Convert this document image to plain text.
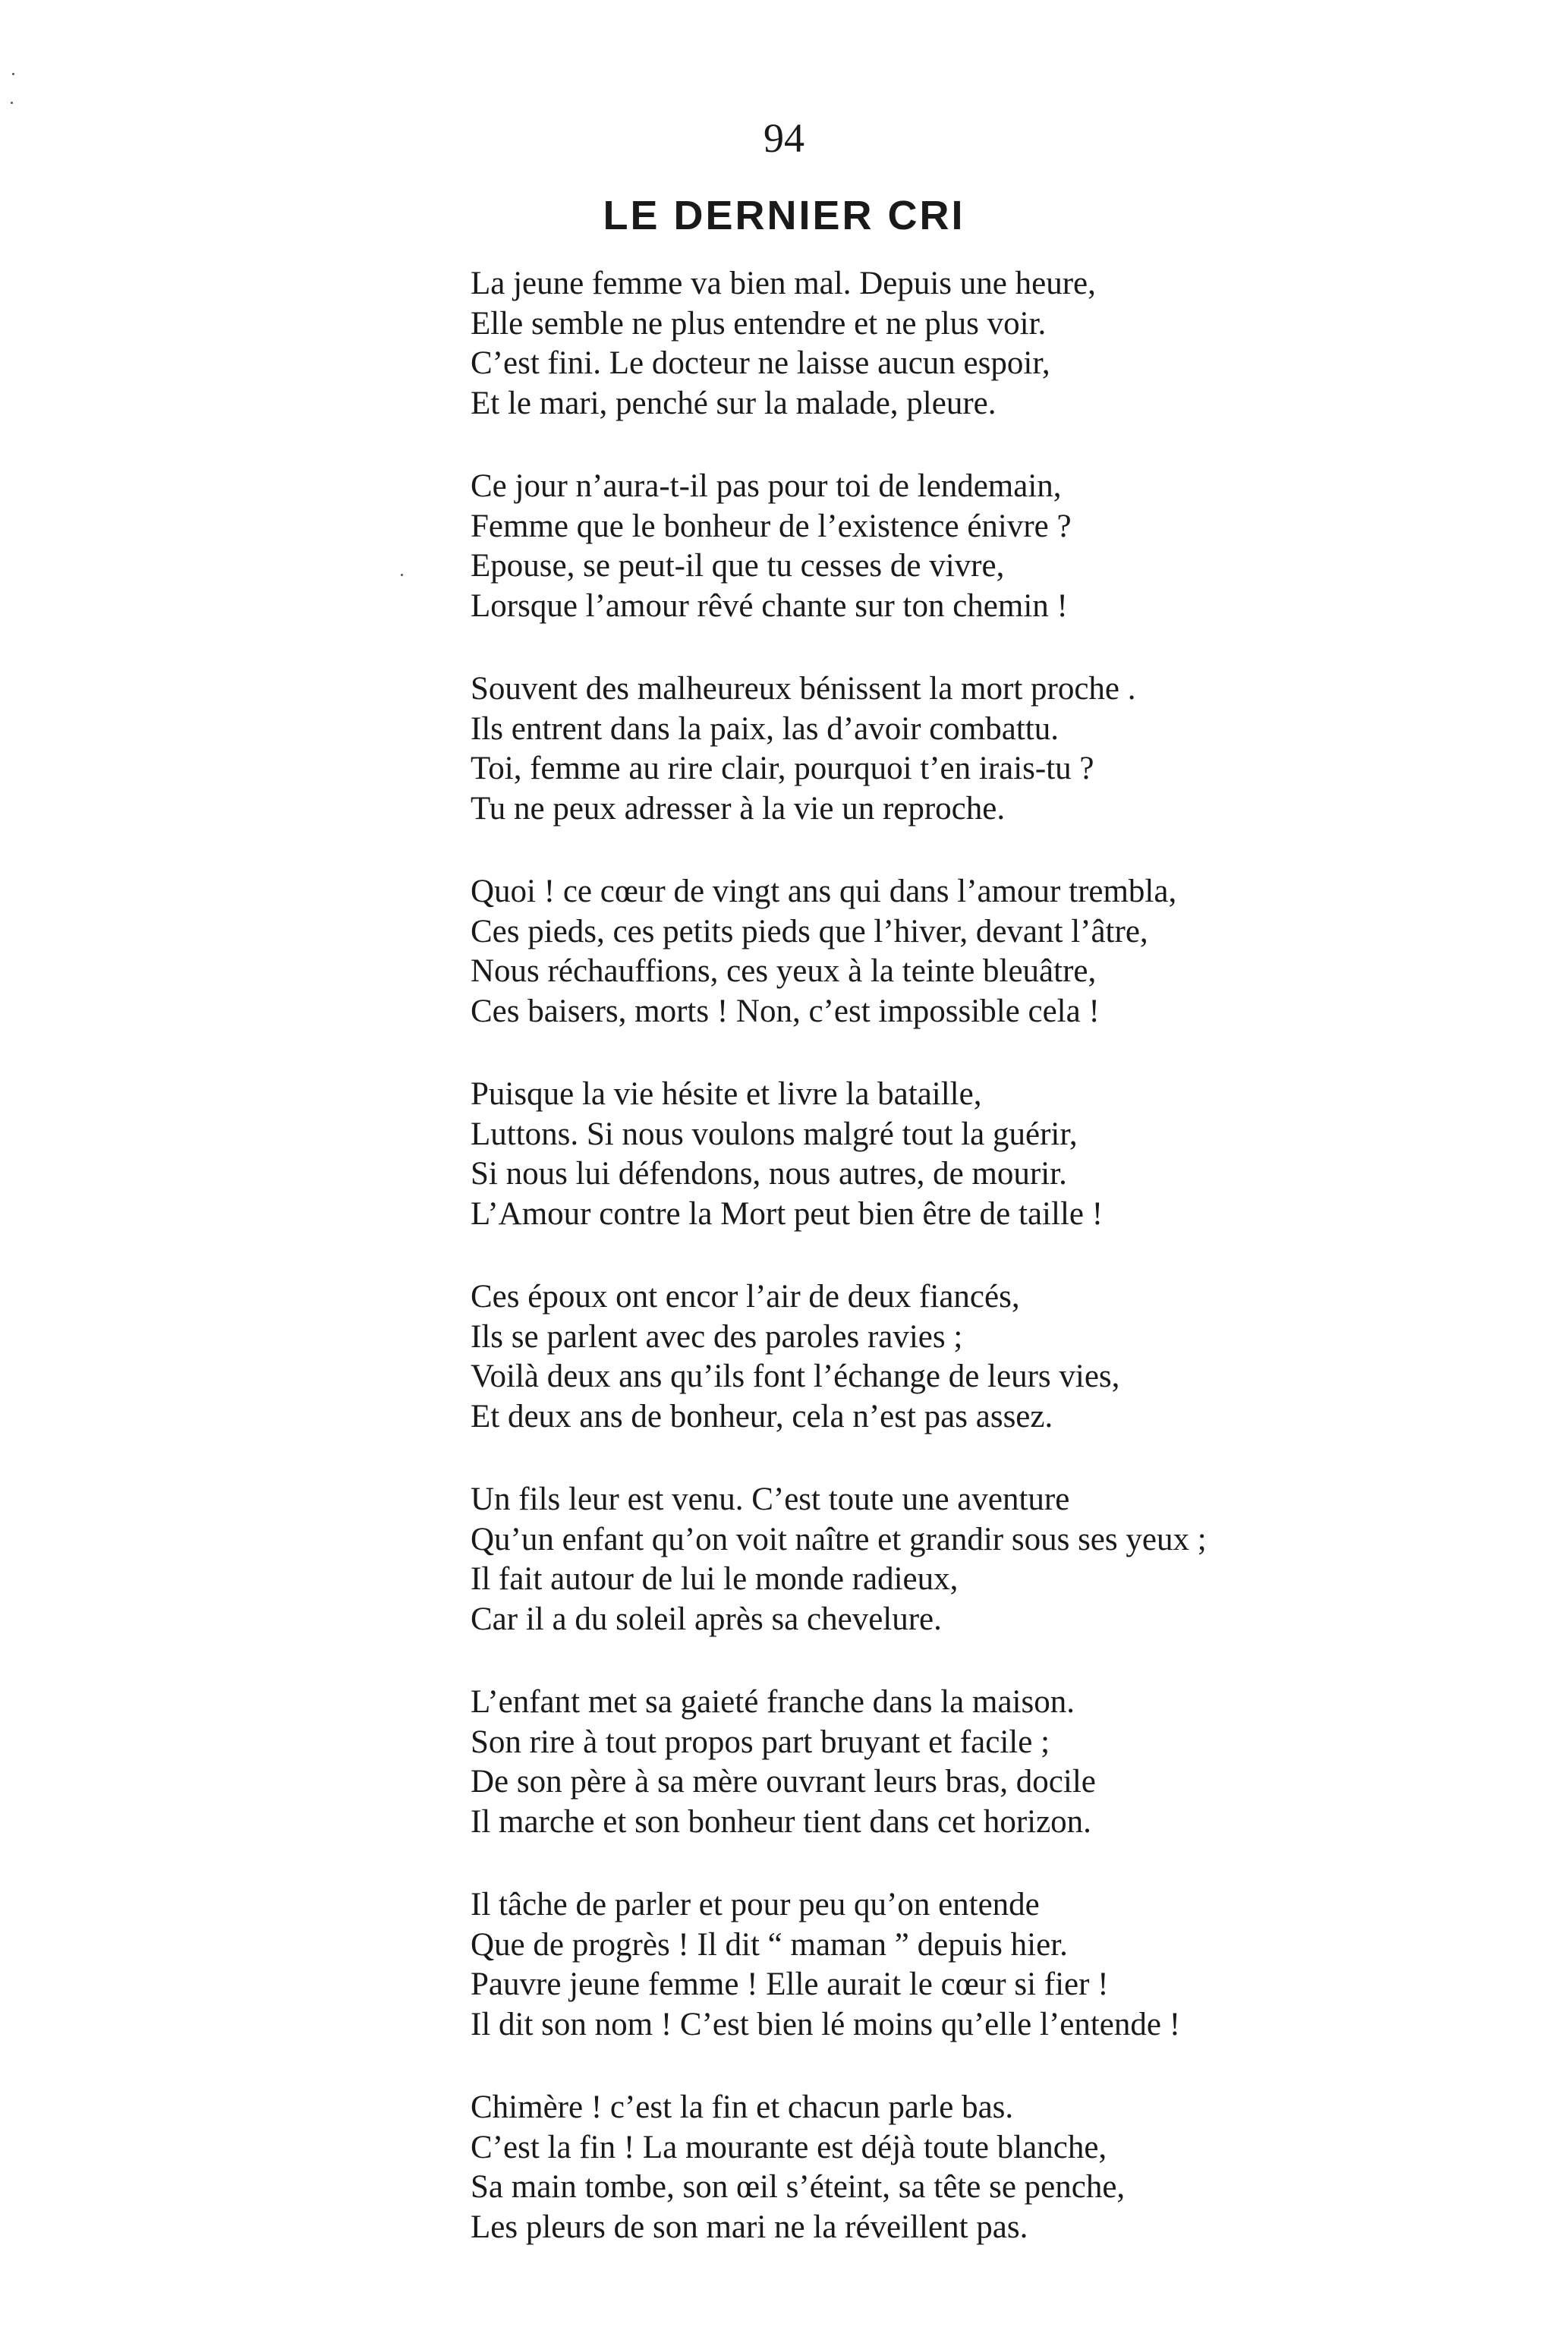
94
LE DERNIER CRI
La jeune femme va bien mal. Depuis une heure,
Elle semble ne plus entendre et ne plus voir.
C’est fini. Le docteur ne laisse aucun espoir,
Et le mari, penché sur la malade, pleure.
Ce jour n’aura-t-il pas pour toi de lendemain,
Femme que le bonheur de l’existence énivre ?
Epouse, se peut-il que tu cesses de vivre,
Lorsque l’amour rêvé chante sur ton chemin !
Souvent des malheureux bénissent la mort proche .
Ils entrent dans la paix, las d’avoir combattu.
Toi, femme au rire clair, pourquoi t’en irais-tu ?
Tu ne peux adresser à la vie un reproche.
Quoi ! ce cœur de vingt ans qui dans l’amour trembla,
Ces pieds, ces petits pieds que l’hiver, devant l’âtre,
Nous réchauffions, ces yeux à la teinte bleuâtre,
Ces baisers, morts ! Non, c’est impossible cela !
Puisque la vie hésite et livre la bataille,
Luttons. Si nous voulons malgré tout la guérir,
Si nous lui défendons, nous autres, de mourir.
L’Amour contre la Mort peut bien être de taille !
Ces époux ont encor l’air de deux fiancés,
Ils se parlent avec des paroles ravies ;
Voilà deux ans qu’ils font l’échange de leurs vies,
Et deux ans de bonheur, cela n’est pas assez.
Un fils leur est venu. C’est toute une aventure
Qu’un enfant qu’on voit naître et grandir sous ses yeux ;
Il fait autour de lui le monde radieux,
Car il a du soleil après sa chevelure.
L’enfant met sa gaieté franche dans la maison.
Son rire à tout propos part bruyant et facile ;
De son père à sa mère ouvrant leurs bras, docile
Il marche et son bonheur tient dans cet horizon.
Il tâche de parler et pour peu qu’on entende
Que de progrès ! Il dit “ maman ” depuis hier.
Pauvre jeune femme ! Elle aurait le cœur si fier !
Il dit son nom ! C’est bien lé moins qu’elle l’entende !
Chimère ! c’est la fin et chacun parle bas.
C’est la fin ! La mourante est déjà toute blanche,
Sa main tombe, son œil s’éteint, sa tête se penche,
Les pleurs de son mari ne la réveillent pas.
